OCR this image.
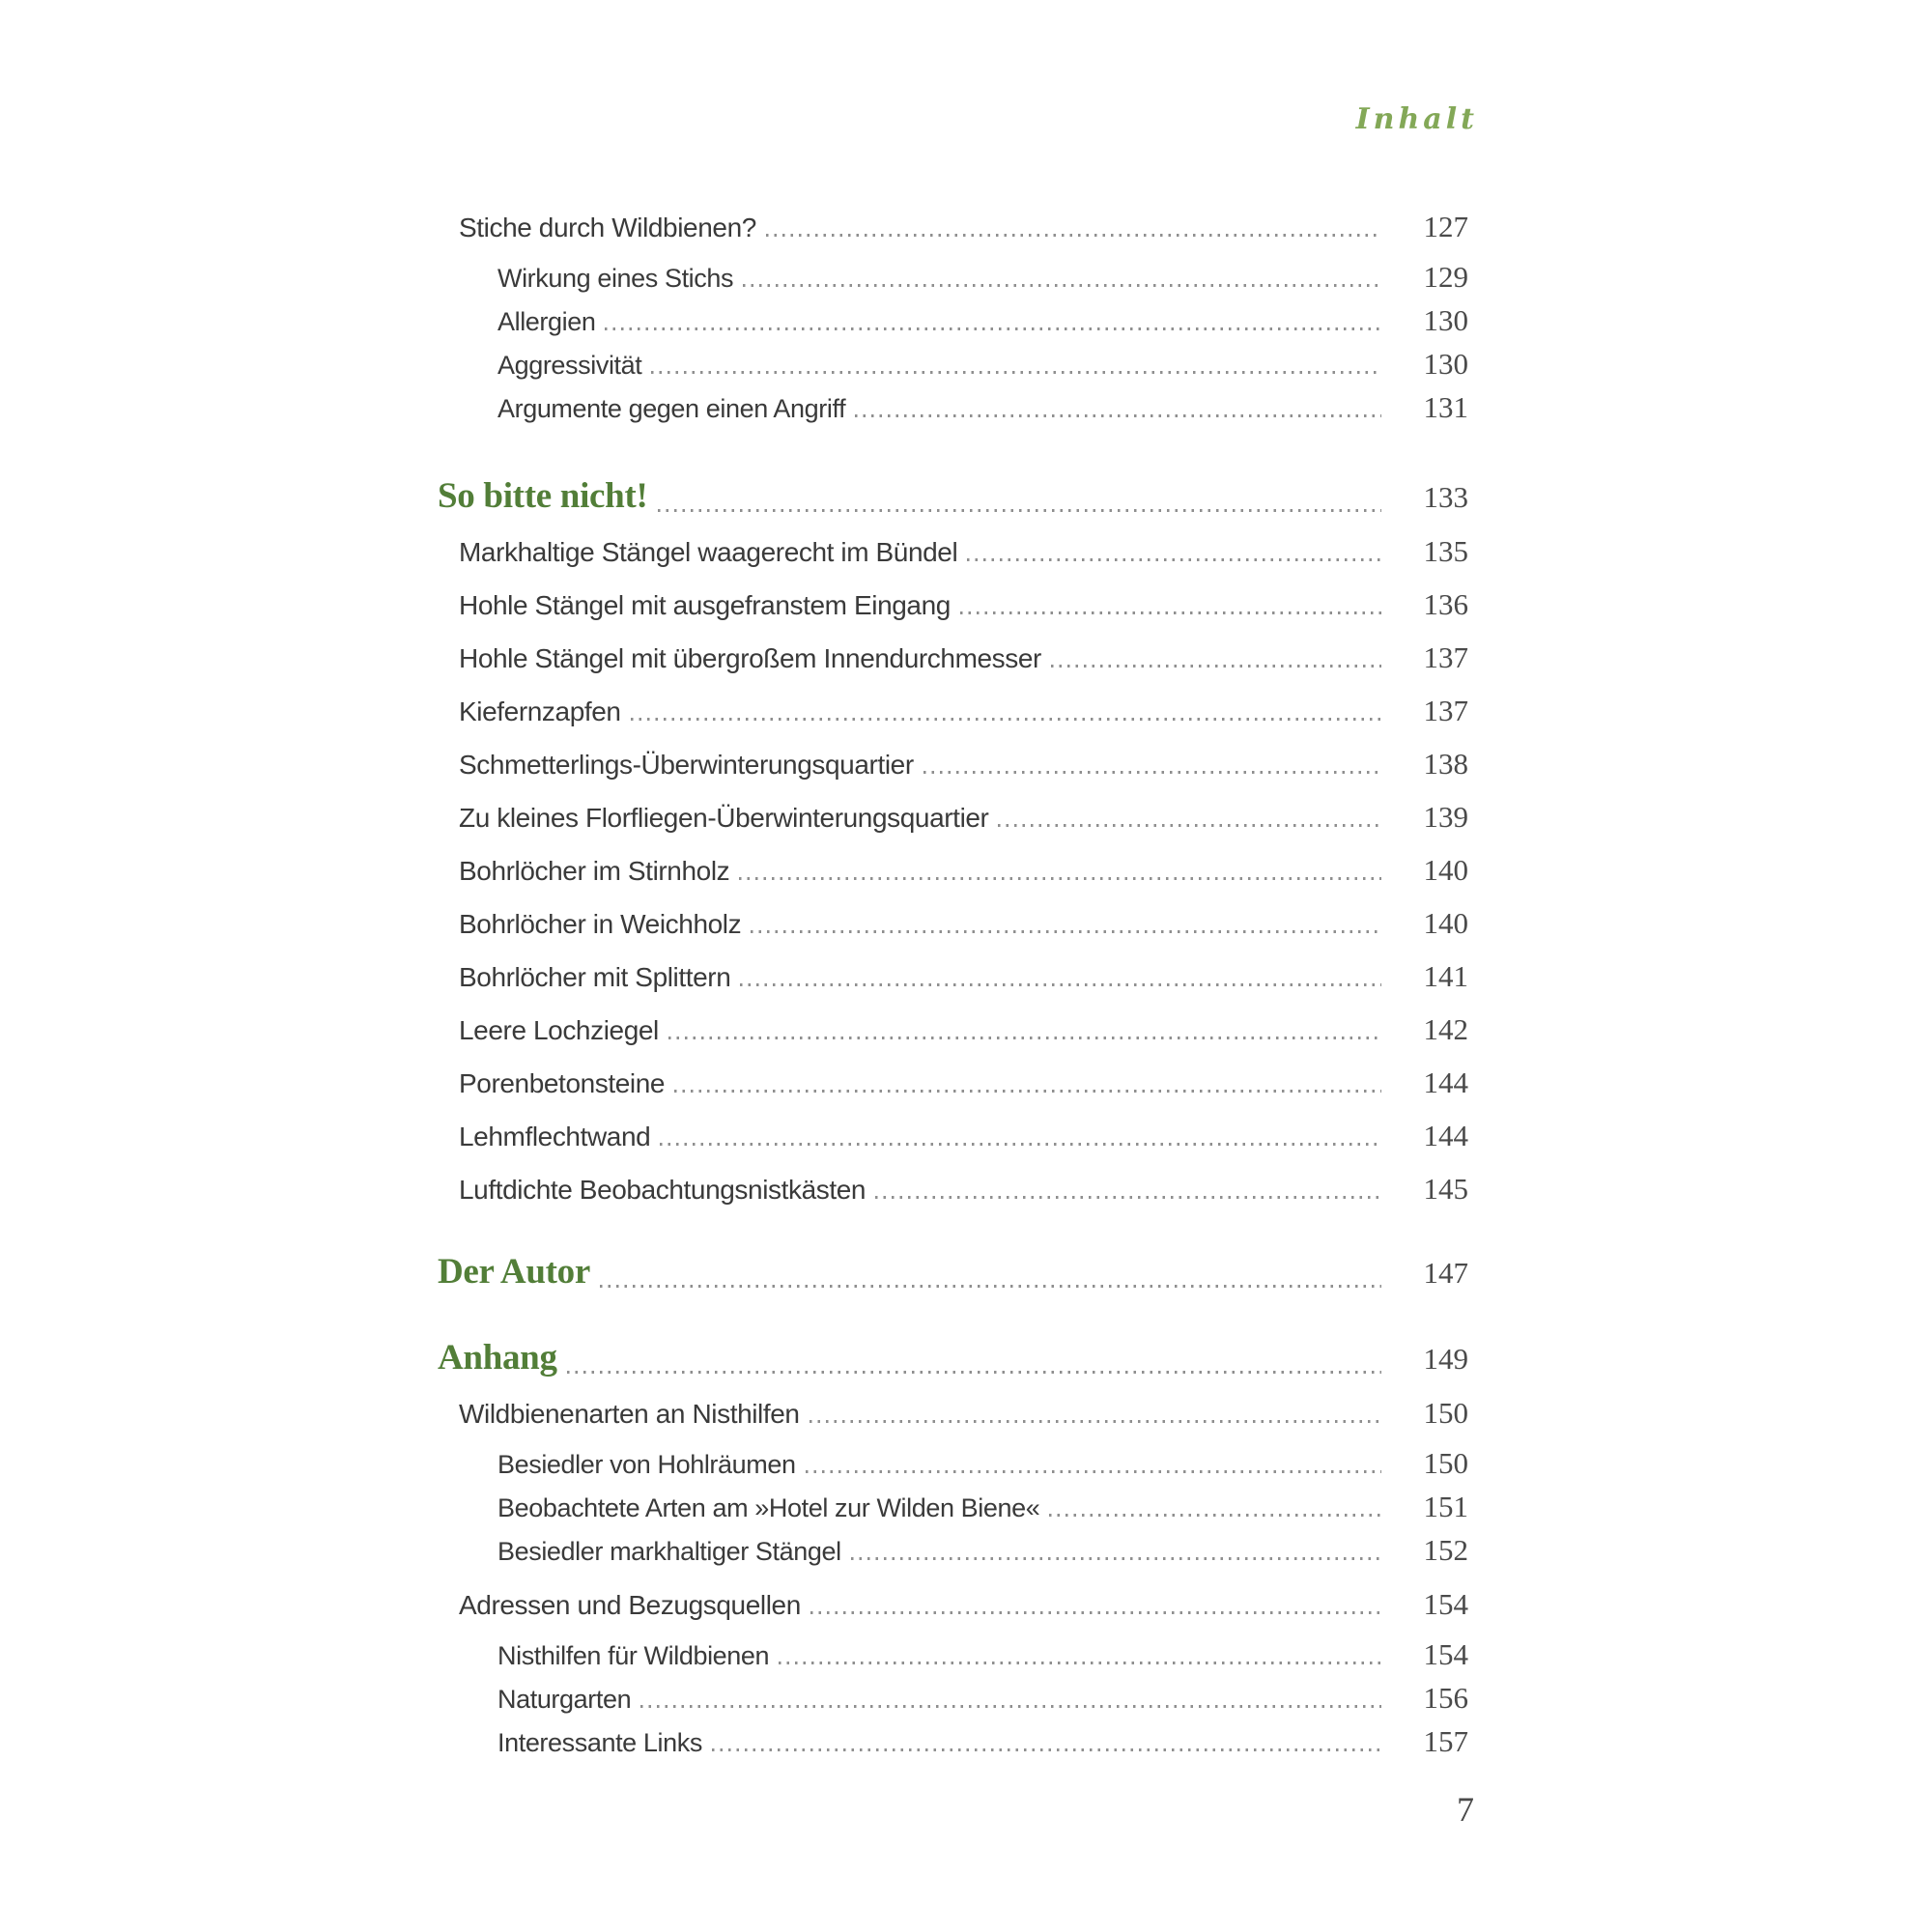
Inhalt
Stiche durch Wildbienen?	127
Wirkung eines Stichs	129
Allergien	130
Aggressivität	130
Argumente gegen einen Angriff	131
So bitte nicht!	133
Markhaltige Stängel waagerecht im Bündel	135
Hohle Stängel mit ausgefranstem Eingang	136
Hohle Stängel mit übergroßem Innendurchmesser	137
Kiefernzapfen	137
Schmetterlings-Überwinterungsquartier	138
Zu kleines Florfliegen-Überwinterungsquartier	139
Bohrlöcher im Stirnholz	140
Bohrlöcher in Weichholz	140
Bohrlöcher mit Splittern	141
Leere Lochziegel	142
Porenbetonsteine	144
Lehmflechtwand	144
Luftdichte Beobachtungsnistkästen	145
Der Autor	147
Anhang	149
Wildbienenarten an Nisthilfen	150
Besiedler von Hohlräumen	150
Beobachtete Arten am »Hotel zur Wilden Biene«	151
Besiedler markhaltiger Stängel	152
Adressen und Bezugsquellen	154
Nisthilfen für Wildbienen	154
Naturgarten	156
Interessante Links	157
7
